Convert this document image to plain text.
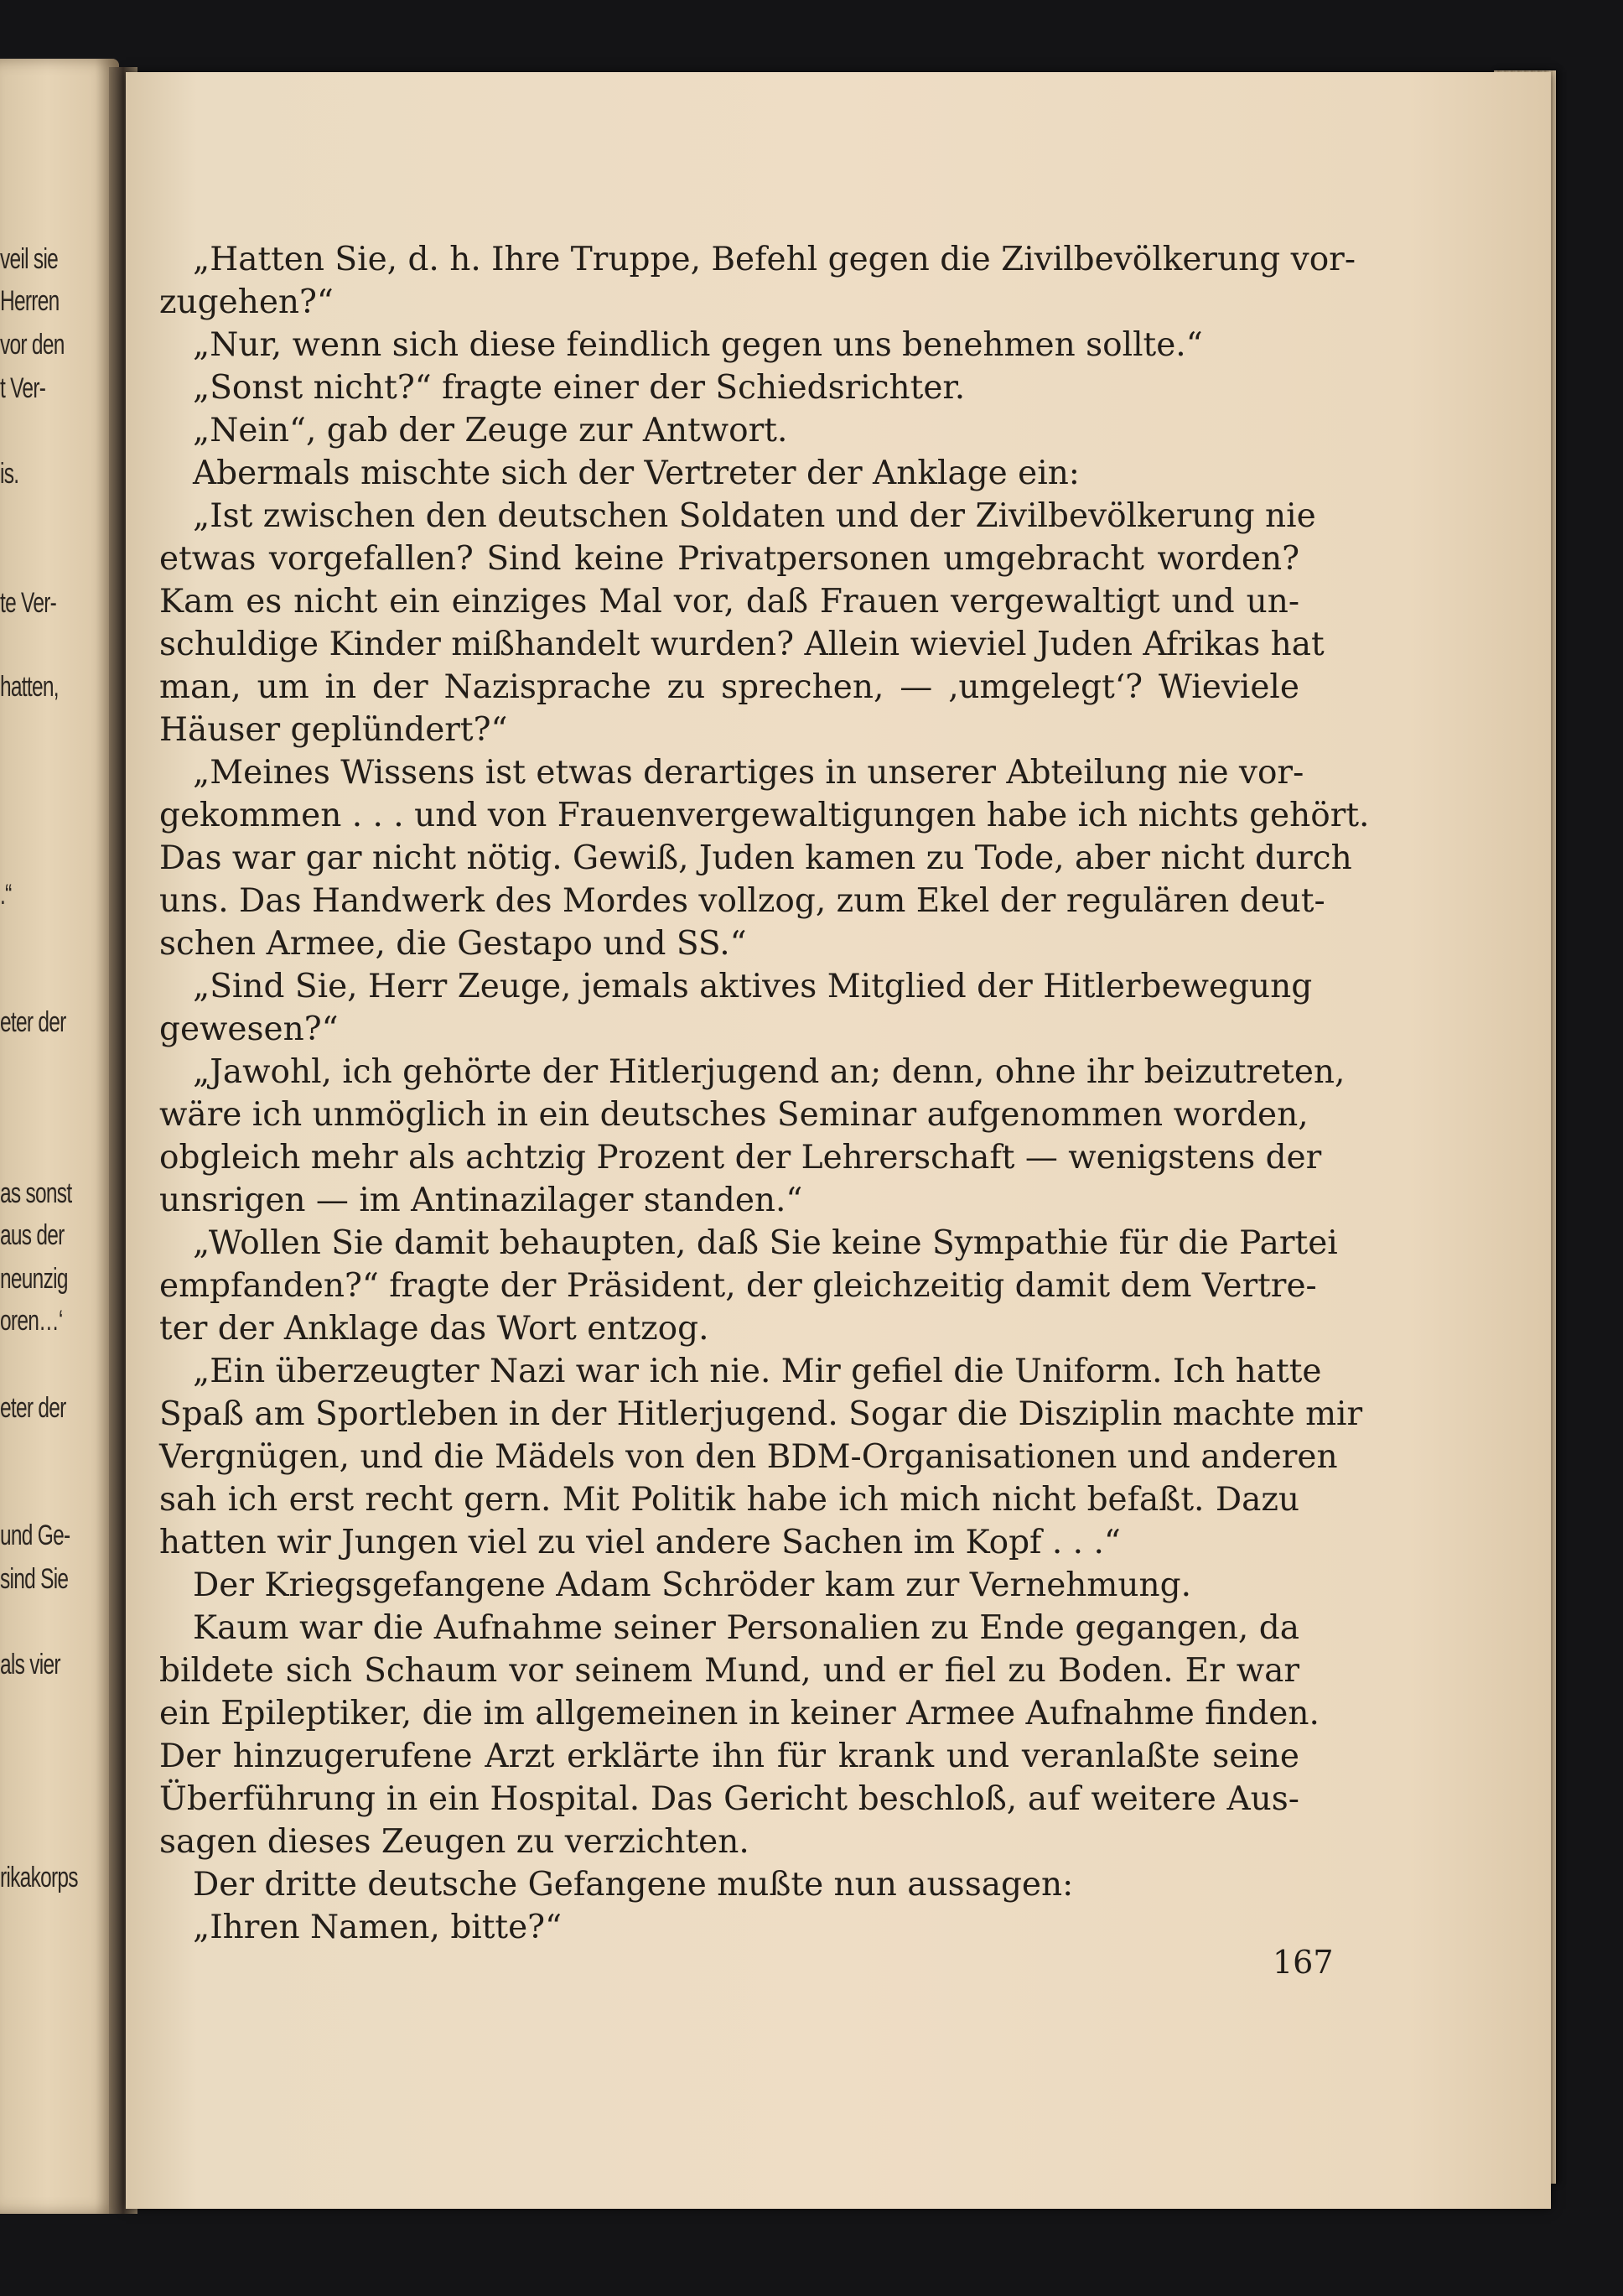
veil sie
Herren
vor den
t Ver-
is.
te Ver-
hatten,
.“
eter der
as sonst
aus der
neunzig
oren…‘
eter der
und Ge-
sind Sie
als vier
rikakorps
„Hatten Sie, d. h. Ihre Truppe, Befehl gegen die Zivilbevölkerung vor-
zugehen?“
„Nur, wenn sich diese feindlich gegen uns benehmen sollte.“
„Sonst nicht?“ fragte einer der Schiedsrichter.
„Nein“, gab der Zeuge zur Antwort.
Abermals mischte sich der Vertreter der Anklage ein:
„Ist zwischen den deutschen Soldaten und der Zivilbevölkerung nie
etwas vorgefallen? Sind keine Privatpersonen umgebracht worden?
Kam es nicht ein einziges Mal vor, daß Frauen vergewaltigt und un-
schuldige Kinder mißhandelt wurden? Allein wieviel Juden Afrikas hat
man, um in der Nazisprache zu sprechen, — ‚umgelegt‘? Wieviele
Häuser geplündert?“
„Meines Wissens ist etwas derartiges in unserer Abteilung nie vor-
gekommen . . . und von Frauenvergewaltigungen habe ich nichts gehört.
Das war gar nicht nötig. Gewiß, Juden kamen zu Tode, aber nicht durch
uns. Das Handwerk des Mordes vollzog, zum Ekel der regulären deut-
schen Armee, die Gestapo und SS.“
„Sind Sie, Herr Zeuge, jemals aktives Mitglied der Hitlerbewegung
gewesen?“
„Jawohl, ich gehörte der Hitlerjugend an; denn, ohne ihr beizutreten,
wäre ich unmöglich in ein deutsches Seminar aufgenommen worden,
obgleich mehr als achtzig Prozent der Lehrerschaft — wenigstens der
unsrigen — im Antinazilager standen.“
„Wollen Sie damit behaupten, daß Sie keine Sympathie für die Partei
empfanden?“ fragte der Präsident, der gleichzeitig damit dem Vertre-
ter der Anklage das Wort entzog.
„Ein überzeugter Nazi war ich nie. Mir gefiel die Uniform. Ich hatte
Spaß am Sportleben in der Hitlerjugend. Sogar die Disziplin machte mir
Vergnügen, und die Mädels von den BDM-Organisationen und anderen
sah ich erst recht gern. Mit Politik habe ich mich nicht befaßt. Dazu
hatten wir Jungen viel zu viel andere Sachen im Kopf . . .“
Der Kriegsgefangene Adam Schröder kam zur Vernehmung.
Kaum war die Aufnahme seiner Personalien zu Ende gegangen, da
bildete sich Schaum vor seinem Mund, und er fiel zu Boden. Er war
ein Epileptiker, die im allgemeinen in keiner Armee Aufnahme finden.
Der hinzugerufene Arzt erklärte ihn für krank und veranlaßte seine
Überführung in ein Hospital. Das Gericht beschloß, auf weitere Aus-
sagen dieses Zeugen zu verzichten.
Der dritte deutsche Gefangene mußte nun aussagen:
„Ihren Namen, bitte?“
167
